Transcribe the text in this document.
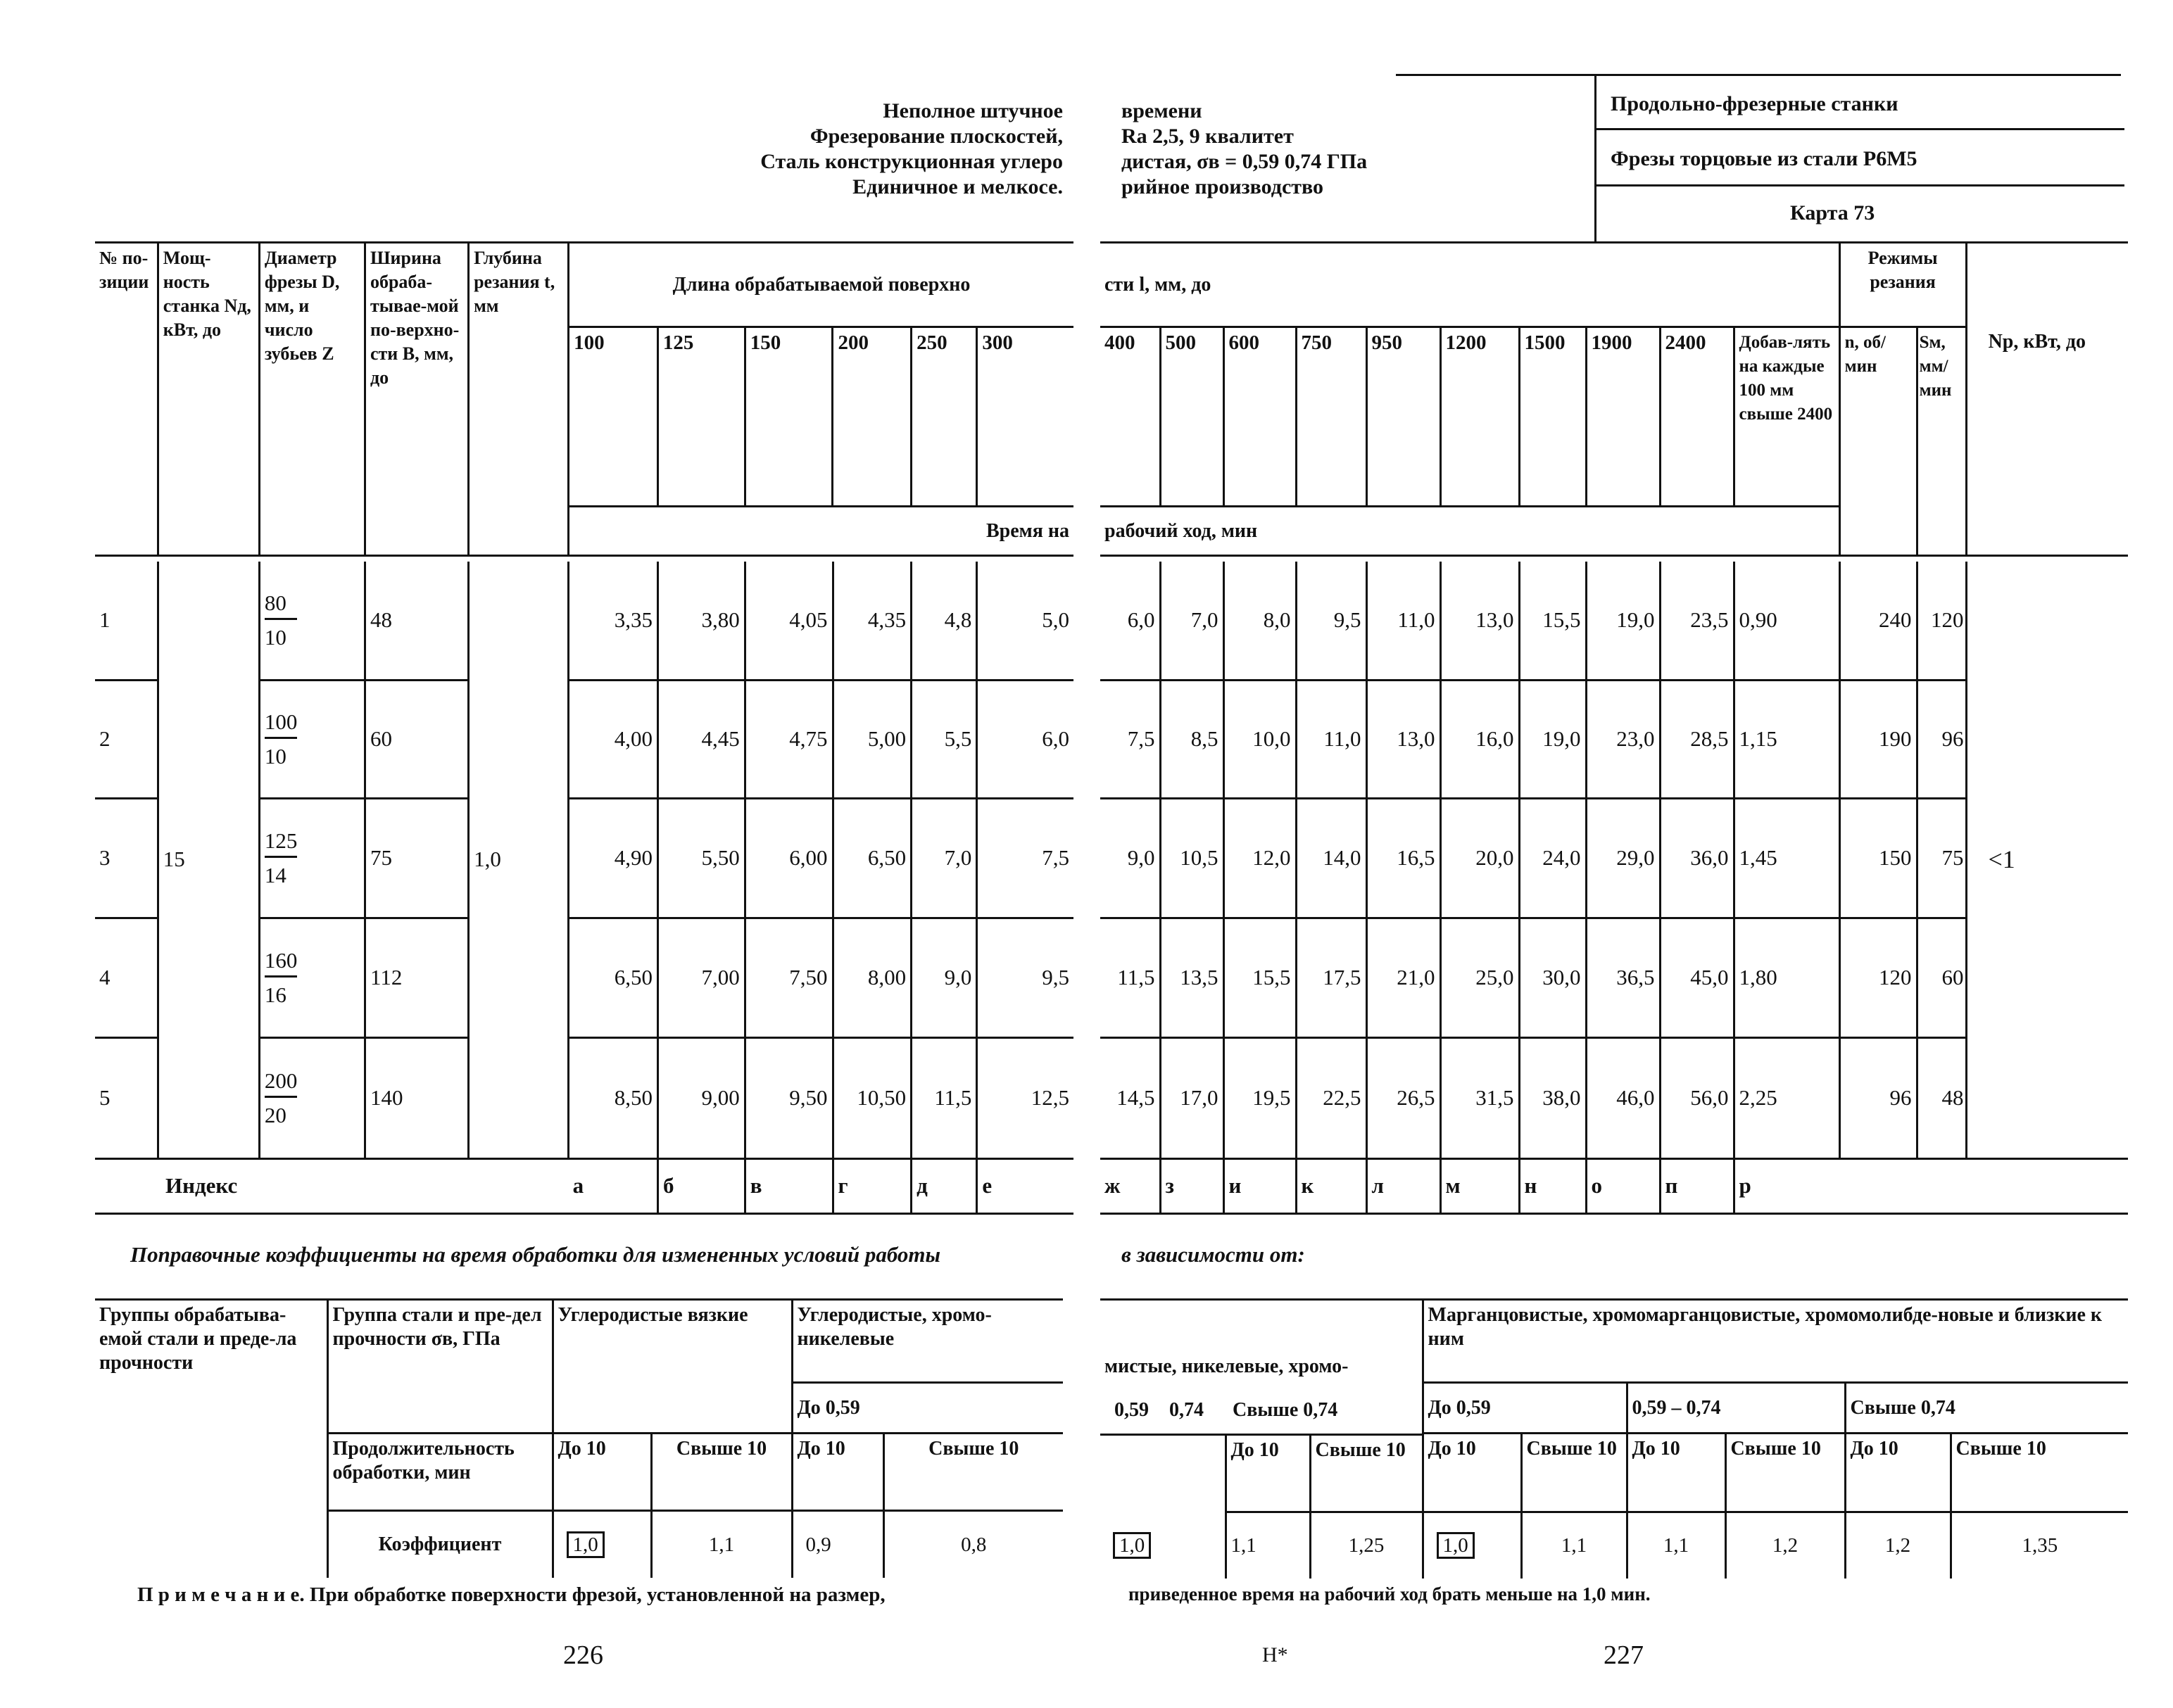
Неполное штучное
Фрезерование плоскостей,
Сталь конструкционная углеро
Единичное и мелкосе.
№ по-зиции	Мощ-ность станка Nд, кВт, до	Диаметр фрезы D, мм, и число зубьев Z	Ширина обраба-тывае-мой по-верхно-сти B, мм, до	Глубина резания t, мм	Длина обрабатываемой поверхно					
					100	125	150	200	250	300
					Время на					
1	15	$\frac{80}{10}$	48	1,0	3,35	3,80	4,05	4,35	4,8	5,0
2		$\frac{100}{10}$	60		4,00	4,45	4,75	5,00	5,5	6,0
3		$\frac{125}{14}$	75		4,90	5,50	6,00	6,50	7,0	7,5
4		$\frac{160}{16}$	112		6,50	7,00	7,50	8,00	9,0	9,5
5		$\frac{200}{20}$	140		8,50	9,00	9,50	10,50	11,5	12,5
Индекс					а	б	в	г	д	е
Поправочные коэффициенты на время обработки для измененных условий работы
Группы обрабатыва-емой стали и преде-ла прочности	Группа стали и пре-дел прочности σв, ГПа	Углеродистые вязкие		Углеродистые, хромо-никелевые	
				До 0,59	
	Продолжительность обработки, мин	До 10	Свыше 10	До 10	Свыше 10
	Коэффициент	1,0	1,1	0,9	0,8
П р и м е ч а н и е. При обработке поверхности фрезой, установленной на размер,
226
времени
Ra 2,5, 9 квалитет
дистая, σв = 0,59 0,74 ГПа
рийное производство
Продольно-фрезерные станки
Фрезы торцовые из стали P6M5
Карта 73
сти l, мм, до										Режимы резания		
400	500	600	750	950	1200	1500	1900	2400	Добав-лять на каждые 100 мм свыше 2400	n, об/мин	Sм, мм/мин	Nр, кВт, до
рабочий ход, мин												
6,0	7,0	8,0	9,5	11,0	13,0	15,5	19,0	23,5	0,90	240	120	<1
7,5	8,5	10,0	11,0	13,0	16,0	19,0	23,0	28,5	1,15	190	96	
9,0	10,5	12,0	14,0	16,5	20,0	24,0	29,0	36,0	1,45	150	75	
11,5	13,5	15,5	17,5	21,0	25,0	30,0	36,5	45,0	1,80	120	60	
14,5	17,0	19,5	22,5	26,5	31,5	38,0	46,0	56,0	2,25	96	48	
ж	з	и	к	л	м	н	о	п	р			
в зависимости от:
мистые, никелевые, хромо-				Марганцовистые, хромомарганцовистые, хромомолибде-новые и близкие к ним					
				До 0,59		0,59 – 0,74		Свыше 0,74	

0,59	0,74	Свыше 0,74							

		До 10	Свыше 10	До 10	Свыше 10	До 10	Свыше 10	До 10	Свыше 10
1,0		1,1	1,25	1,0	1,1	1,1	1,2	1,2	1,35
приведенное время на рабочий ход брать меньше на 1,0 мин.
Н*	227
